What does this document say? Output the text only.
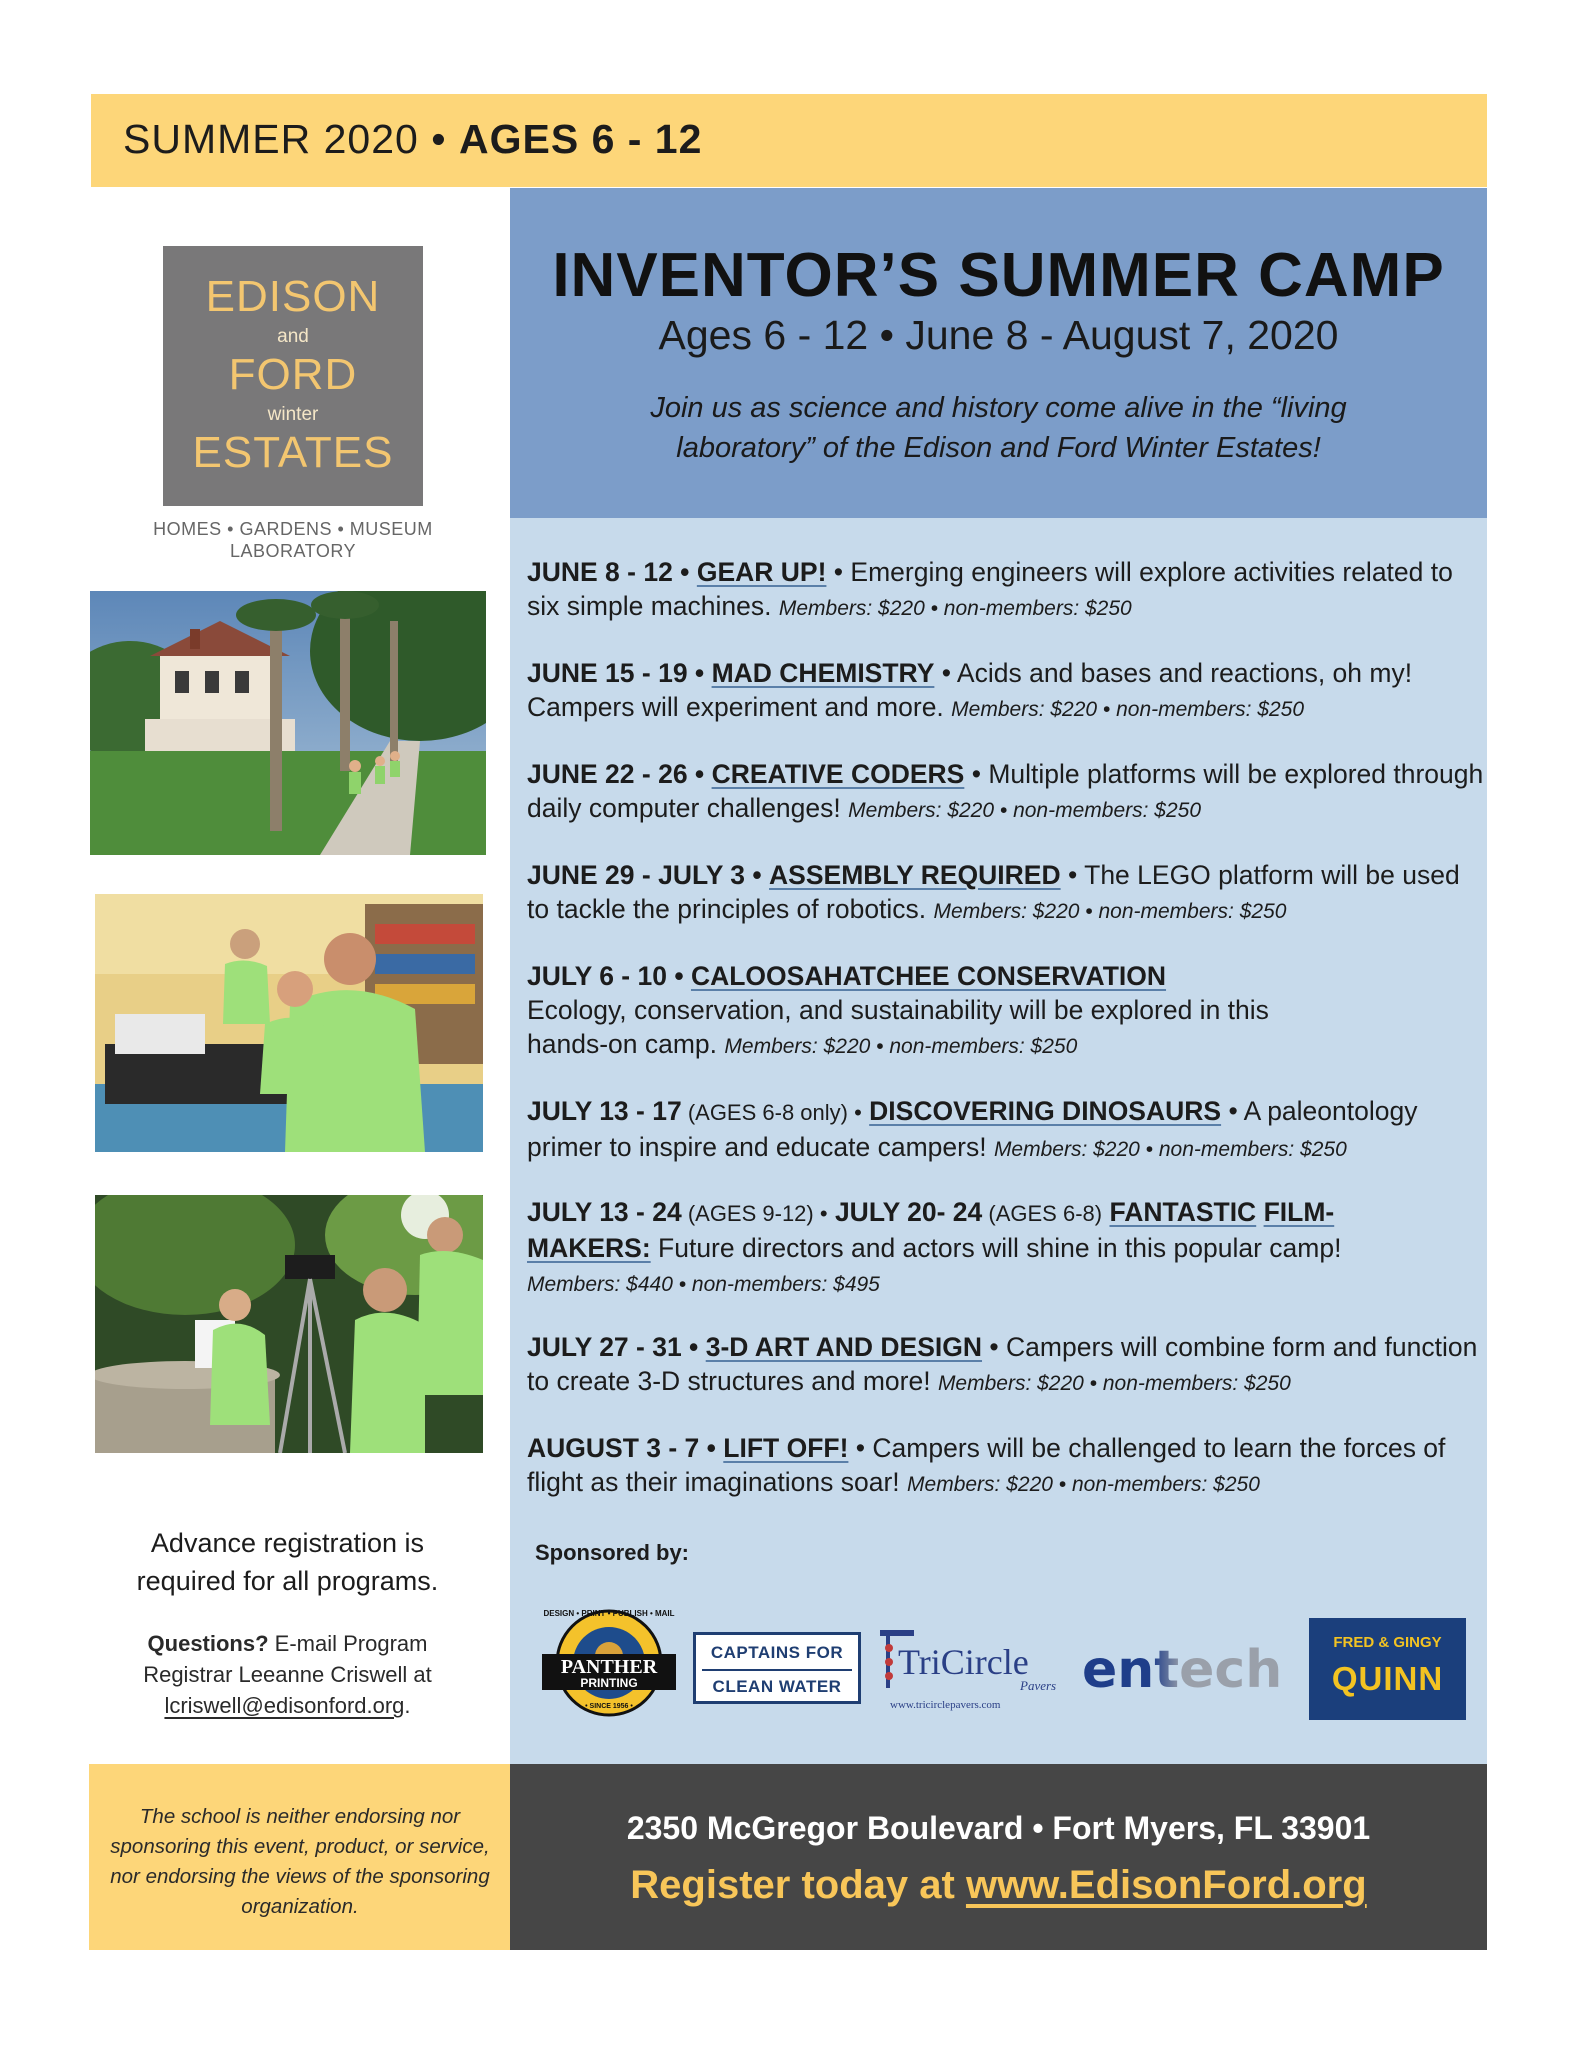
SUMMER 2020 • AGES 6 - 12
INVENTOR’S SUMMER CAMP
Ages 6 - 12 • June 8 - August 7, 2020
Join us as science and history come alive in the “living laboratory” of the Edison and Ford Winter Estates!
EDISON
and
FORD
winter
ESTATES
HOMES • GARDENS • MUSEUM LABORATORY
Advance registration is required for all programs.
Questions? E-mail Program Registrar Leeanne Criswell at lcriswell@edisonford.org.
JUNE 8 - 12 • GEAR UP! • Emerging engineers will explore activities related to six simple machines. Members: $220 • non-members: $250
JUNE 15 - 19 • MAD CHEMISTRY • Acids and bases and reactions, oh my! Campers will experiment and more. Members: $220 • non-members: $250
JUNE 22 - 26 • CREATIVE CODERS • Multiple platforms will be explored through daily computer challenges! Members: $220 • non-members: $250
JUNE 29 - JULY 3 • ASSEMBLY REQUIRED • The LEGO platform will be used to tackle the principles of robotics. Members: $220 • non-members: $250
JULY 6 - 10 • CALOOSAHATCHEE CONSERVATION
Ecology, conservation, and sustainability will be explored in this hands-on camp. Members: $220 • non-members: $250
JULY 13 - 17 (AGES 6-8 only) • DISCOVERING DINOSAURS • A paleontology primer to inspire and educate campers! Members: $220 • non-members: $250
JULY 13 - 24 (AGES 9-12) • JULY 20- 24 (AGES 6-8) FANTASTIC FILM-MAKERS: Future directors and actors will shine in this popular camp! Members: $440 • non-members: $495
JULY 27 - 31 • 3-D ART AND DESIGN • Campers will combine form and function to create 3-D structures and more! Members: $220 • non-members: $250
AUGUST 3 - 7 • LIFT OFF! • Campers will be challenged to learn the forces of flight as their imaginations soar! Members: $220 • non-members: $250
Sponsored by:
DESIGN • PRINT • PUBLISH • MAIL
PANTHER
PRINTING
• SINCE 1956 •
CAPTAINS FOR
CLEAN WATER
TriCircle
Pavers
www.tricirclepavers.com
entech	FRED & GINGY
QUINN
The school is neither endorsing nor sponsoring this event, product, or service, nor endorsing the views of the sponsoring organization.
2350 McGregor Boulevard • Fort Myers, FL 33901
Register today at www.EdisonFord.org
